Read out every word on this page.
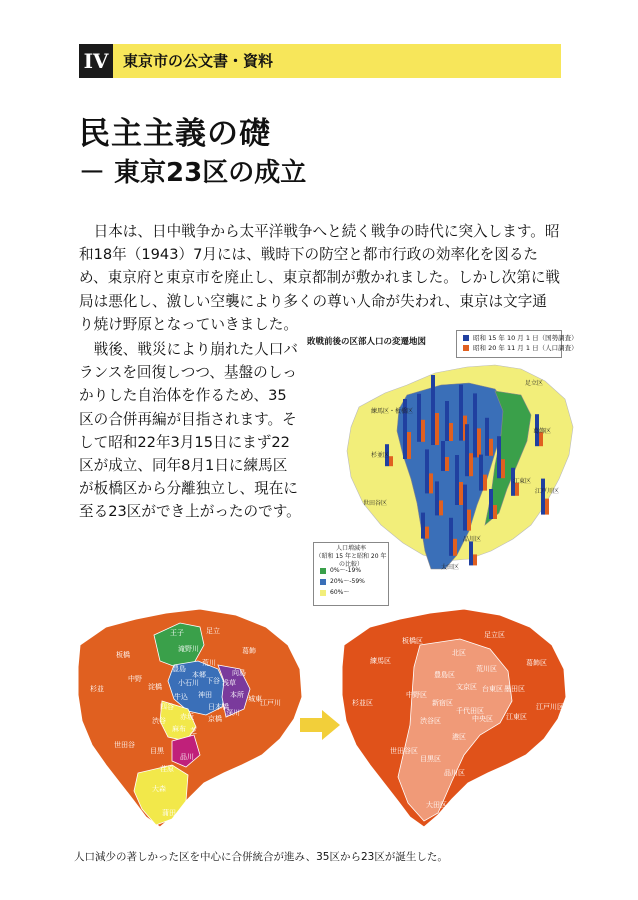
IV 東京市の公文書・資料
民主主義の礎
－ 東京23区の成立

日本は、日中戦争から太平洋戦争へと続く戦争の時代に突入します。昭和18年（1943）7月には、戦時下の防空と都市行政の効率化を図るため、東京府と東京市を廃止し、東京都制が敷かれました。しかし次第に戦局は悪化し、激しい空襲により多くの尊い人命が失われ、東京は文字通り焼け野原となっていきました。

戦後、戦災により崩れた人口バランスを回復しつつ、基盤のしっかりした自治体を作るため、35区の合併再編が目指されます。そして昭和22年3月15日にまず22区が成立、同年8月1日に練馬区が板橋区から分離独立し、現在に至る23区ができ上がったのです。

敗戦前後の区部人口の変遷地図	昭和 15 年 10 月 1 日（国勢調査）
昭和 20 年 11 月 1 日（人口調査）
練馬区・板橋区
足立区
葛飾区
杉並区
江戸川区
江東区
世田谷区
品川区
大田区
人口増減率
（昭和 15 年と昭和 20 年の比較）
0%〜-19%
20%〜-59%
60%〜
王子	足立
板橋
滝野川
荒川
葛飾
豊島
小石川 下谷
本郷
浅草
向島
淀橋
神田
牛込
中野
四谷	日本橋
本所 城東
杉並
渋谷 赤坂 京橋
深川
江戸川
麻布 芝
世田谷
目黒
品川
荏原
大森
蒲田
板橋区
足立区
北区
練馬区
荒川区
葛飾区
豊島区
杉並区
中野区
文京区 台東区 墨田区
新宿区
千代田区	江戸川区
中央区
渋谷区	江東区
港区
世田谷区
目黒区
品川区
大田区
人口減少の著しかった区を中心に合併統合が進み、35区から23区が誕生した。
